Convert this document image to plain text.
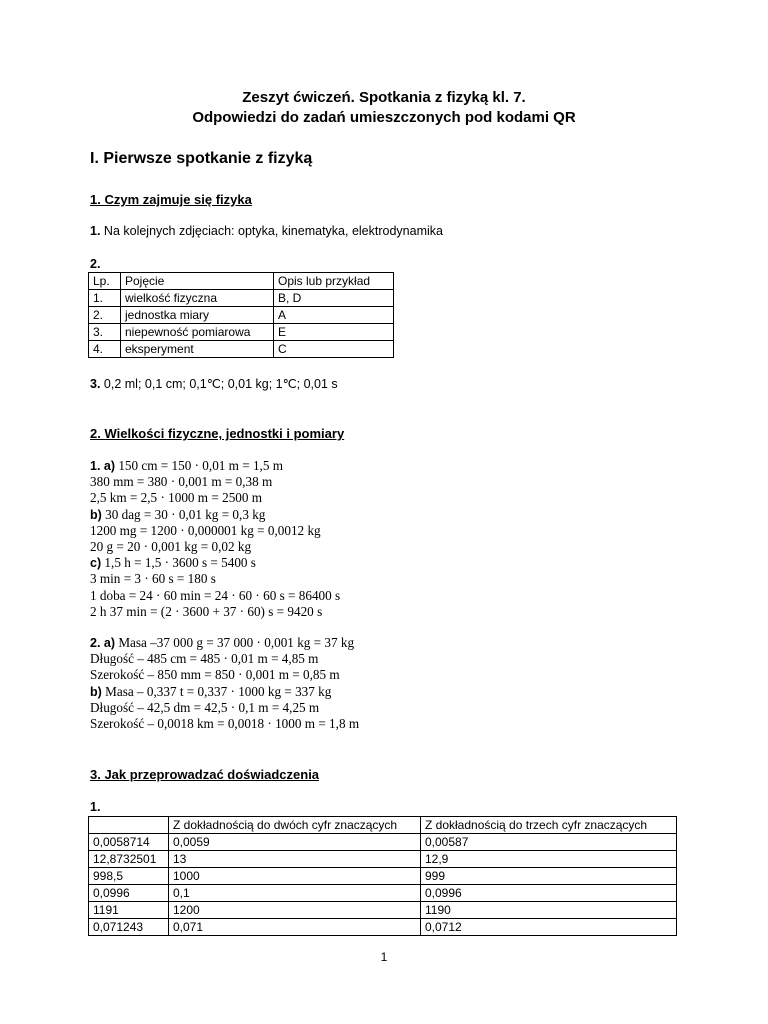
Zeszyt ćwiczeń. Spotkania z fizyką kl. 7.
Odpowiedzi do zadań umieszczonych pod kodami QR
I. Pierwsze spotkanie z fizyką
1. Czym zajmuje się fizyka
1. Na kolejnych zdjęciach: optyka, kinematyka, elektrodynamika
2.
Lp.	Pojęcie	Opis lub przykład
1.	wielkość fizyczna	B, D
2.	jednostka miary	A
3.	niepewność pomiarowa	E
4.	eksperyment	C
3. 0,2 ml; 0,1 cm; 0,1℃; 0,01 kg; 1℃; 0,01 s
2. Wielkości fizyczne, jednostki i pomiary
1. a) 150 cm = 150 · 0,01 m = 1,5 m
380 mm = 380 · 0,001 m = 0,38 m
2,5 km = 2,5 · 1000 m = 2500 m
b) 30 dag = 30 · 0,01 kg = 0,3 kg
1200 mg = 1200 · 0,000001 kg = 0,0012 kg
20 g = 20 · 0,001 kg = 0,02 kg
c) 1,5 h = 1,5 · 3600 s = 5400 s
3 min = 3 · 60 s = 180 s
1 doba = 24 · 60 min = 24 · 60 · 60 s = 86400 s
2 h 37 min = (2 · 3600 + 37 · 60) s = 9420 s
2. a) Masa –37 000 g = 37 000 · 0,001 kg = 37 kg
Długość – 485 cm = 485 · 0,01 m = 4,85 m
Szerokość – 850 mm = 850 · 0,001 m = 0,85 m
b) Masa – 0,337 t = 0,337 · 1000 kg = 337 kg
Długość – 42,5 dm = 42,5 · 0,1 m = 4,25 m
Szerokość – 0,0018 km = 0,0018 · 1000 m = 1,8 m
3. Jak przeprowadzać doświadczenia
1.
	Z dokładnością do dwóch cyfr znaczących	Z dokładnością do trzech cyfr znaczących
0,0058714	0,0059	0,00587
12,8732501	13	12,9
998,5	1000	999
0,0996	0,1	0,0996
1191	1200	1190
0,071243	0,071	0,0712
1
